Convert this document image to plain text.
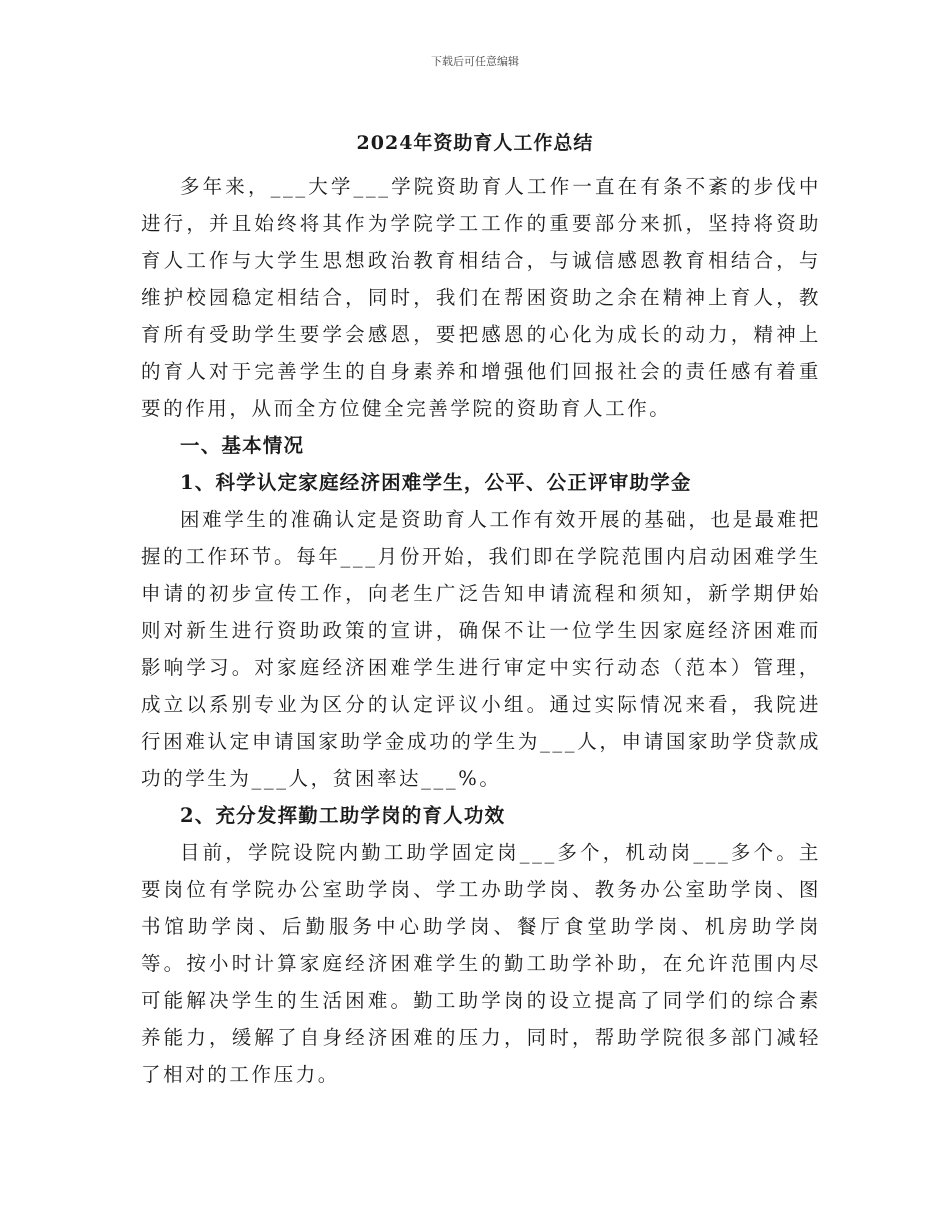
下载后可任意编辑
2024年资助育人工作总结

多年来，___大学___学院资助育人工作一直在有条不紊的步伐中进行，并且始终将其作为学院学工工作的重要部分来抓，坚持将资助育人工作与大学生思想政治教育相结合，与诚信感恩教育相结合，与维护校园稳定相结合，同时，我们在帮困资助之余在精神上育人，教育所有受助学生要学会感恩，要把感恩的心化为成长的动力，精神上的育人对于完善学生的自身素养和增强他们回报社会的责任感有着重要的作用，从而全方位健全完善学院的资助育人工作。

一、基本情况

1、科学认定家庭经济困难学生，公平、公正评审助学金

困难学生的准确认定是资助育人工作有效开展的基础，也是最难把握的工作环节。每年___月份开始，我们即在学院范围内启动困难学生申请的初步宣传工作，向老生广泛告知申请流程和须知，新学期伊始则对新生进行资助政策的宣讲，确保不让一位学生因家庭经济困难而影响学习。对家庭经济困难学生进行审定中实行动态（范本）管理，成立以系别专业为区分的认定评议小组。通过实际情况来看，我院进行困难认定申请国家助学金成功的学生为___人，申请国家助学贷款成功的学生为___人，贫困率达___%。

2、充分发挥勤工助学岗的育人功效

目前，学院设院内勤工助学固定岗___多个，机动岗___多个。主要岗位有学院办公室助学岗、学工办助学岗、教务办公室助学岗、图书馆助学岗、后勤服务中心助学岗、餐厅食堂助学岗、机房助学岗等。按小时计算家庭经济困难学生的勤工助学补助，在允许范围内尽可能解决学生的生活困难。勤工助学岗的设立提高了同学们的综合素养能力，缓解了自身经济困难的压力，同时，帮助学院很多部门减轻了相对的工作压力。
